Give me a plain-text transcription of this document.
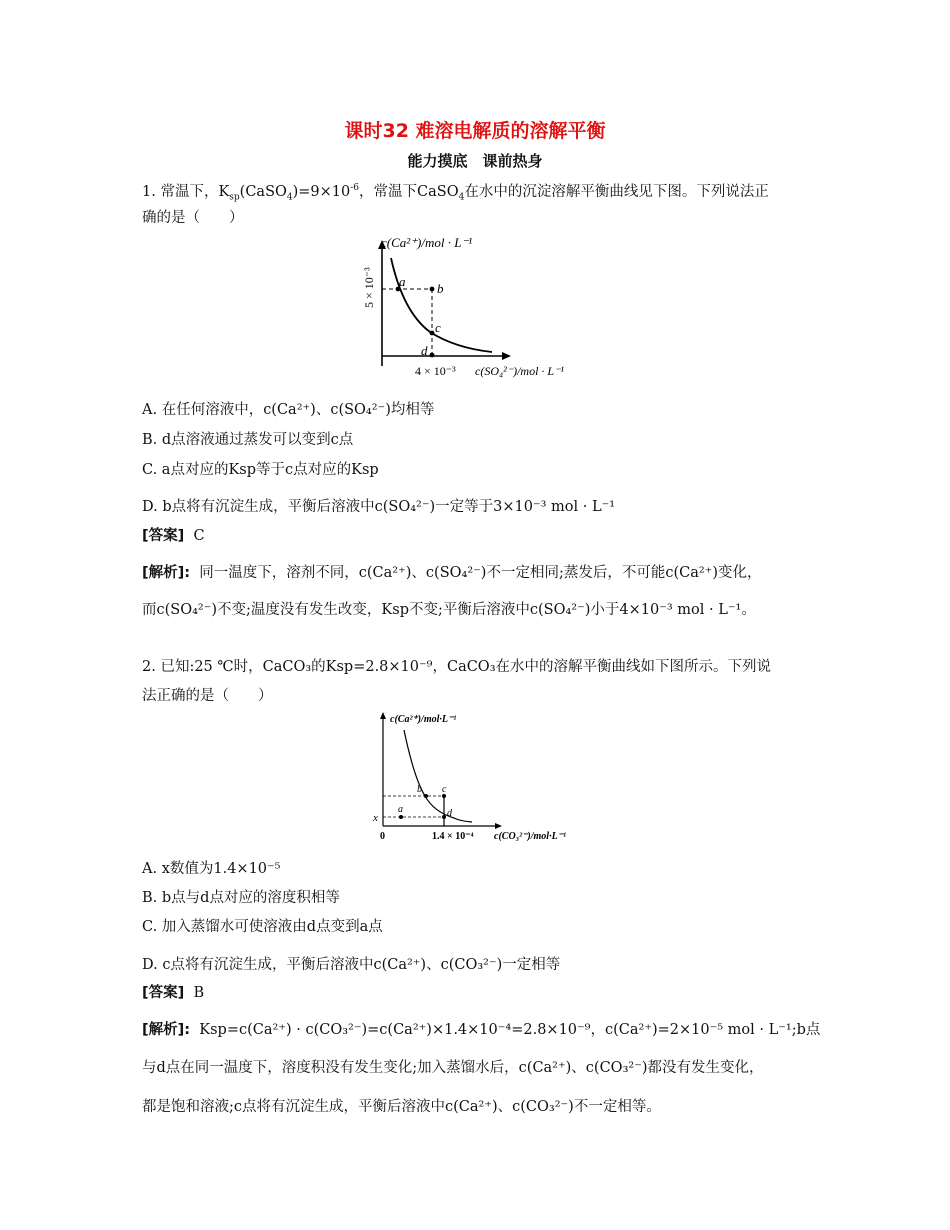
课时32 难溶电解质的溶解平衡
能力摸底　课前热身
1. 常温下，$K_{sp}(CaSO_4)=9\times 10^{-6}$，常温下CaSO$_4$在水中的沉淀溶解平衡曲线见下图。下列说法正
确的是（　　）
c(Ca²⁺)/mol · L⁻¹
5 × 10⁻³
4 × 10⁻³ c(SO₄²⁻)/mol · L⁻¹
a b
c
d
A. 在任何溶液中，c(Ca²⁺)、c(SO₄²⁻)均相等
B. d点溶液通过蒸发可以变到c点
C. a点对应的Ksp等于c点对应的Ksp
D. b点将有沉淀生成，平衡后溶液中c(SO₄²⁻)一定等于3×10⁻³ mol · L⁻¹
[答案] C
[解析]: 同一温度下，溶剂不同，c(Ca²⁺)、c(SO₄²⁻)不一定相同;蒸发后，不可能c(Ca²⁺)变化，
而c(SO₄²⁻)不变;温度没有发生改变，Ksp不变;平衡后溶液中c(SO₄²⁻)小于4×10⁻³ mol · L⁻¹。
2. 已知:25 ℃时，CaCO₃的Ksp=2.8×10⁻⁹，CaCO₃在水中的溶解平衡曲线如下图所示。下列说
法正确的是（　　）
c(Ca²⁺)/mol·L⁻¹
0	1.4 × 10⁻⁴ c(CO₃²⁻)/mol·L⁻¹
x
a
b c
d
A. x数值为1.4×10⁻⁵
B. b点与d点对应的溶度积相等
C. 加入蒸馏水可使溶液由d点变到a点
D. c点将有沉淀生成，平衡后溶液中c(Ca²⁺)、c(CO₃²⁻)一定相等
[答案] B
[解析]: Ksp=c(Ca²⁺) · c(CO₃²⁻)=c(Ca²⁺)×1.4×10⁻⁴=2.8×10⁻⁹，c(Ca²⁺)=2×10⁻⁵ mol · L⁻¹;b点
与d点在同一温度下，溶度积没有发生变化;加入蒸馏水后，c(Ca²⁺)、c(CO₃²⁻)都没有发生变化，
都是饱和溶液;c点将有沉淀生成，平衡后溶液中c(Ca²⁺)、c(CO₃²⁻)不一定相等。
